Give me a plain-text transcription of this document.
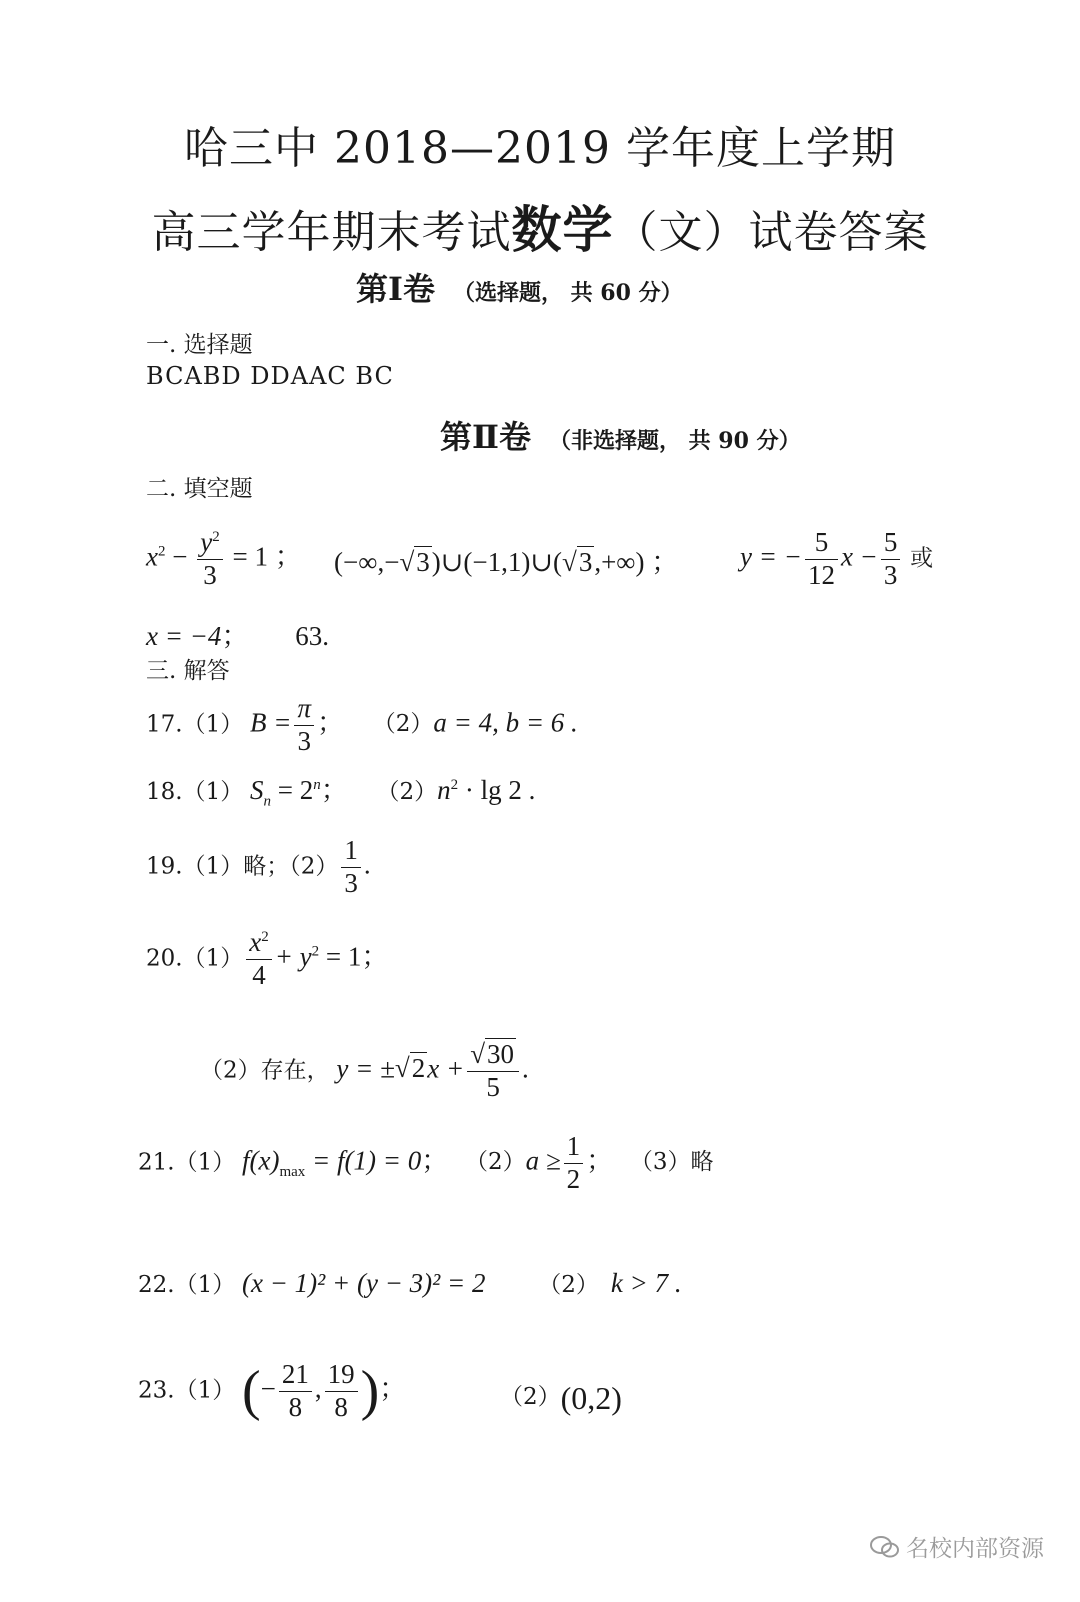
哈三中 2018—2019 学年度上学期
高三学年期末考试数学（文）试卷答案
第Ⅰ卷 （选择题， 共 60 分）
一. 选择题
BCABD DDAAC BC
第Ⅱ卷 （非选择题， 共 90 分）
二. 填空题
$x^2 - \frac{y^2}{3} = 1$ ； (−∞,−√3)∪(−1,1)∪(√3,+∞) ； y = − $\frac{5}{12}$ $x - \frac{5}{3}$ 或
x = −4； 63.
三. 解答
17.（1） $B = \frac{\pi}{3}$ ； （2）a = 4, b = 6 .
18.（1） $S_n = 2^n$； $(2)n^2 \cdot \lg 2$ .
19.（1）略；$(2) \frac{1}{3}$ .
$20.(1) \frac{x^2}{4} + y^2 = 1$；
（2）存在， $y = \pm√2x + \frac{√30}{5}$ .
21.（1） $f(x)_{max} = f(1) = 0$； $(2)a \ge \frac{1}{2}$ ； （3）略
22.（1） (x − 1)² + (y − 3)² = 2 （2） k > 7 .
23.（1） (− $\frac{21}{8}$ , $\frac{19}{8}$ )；	（2）(0,2)
名校内部资源
